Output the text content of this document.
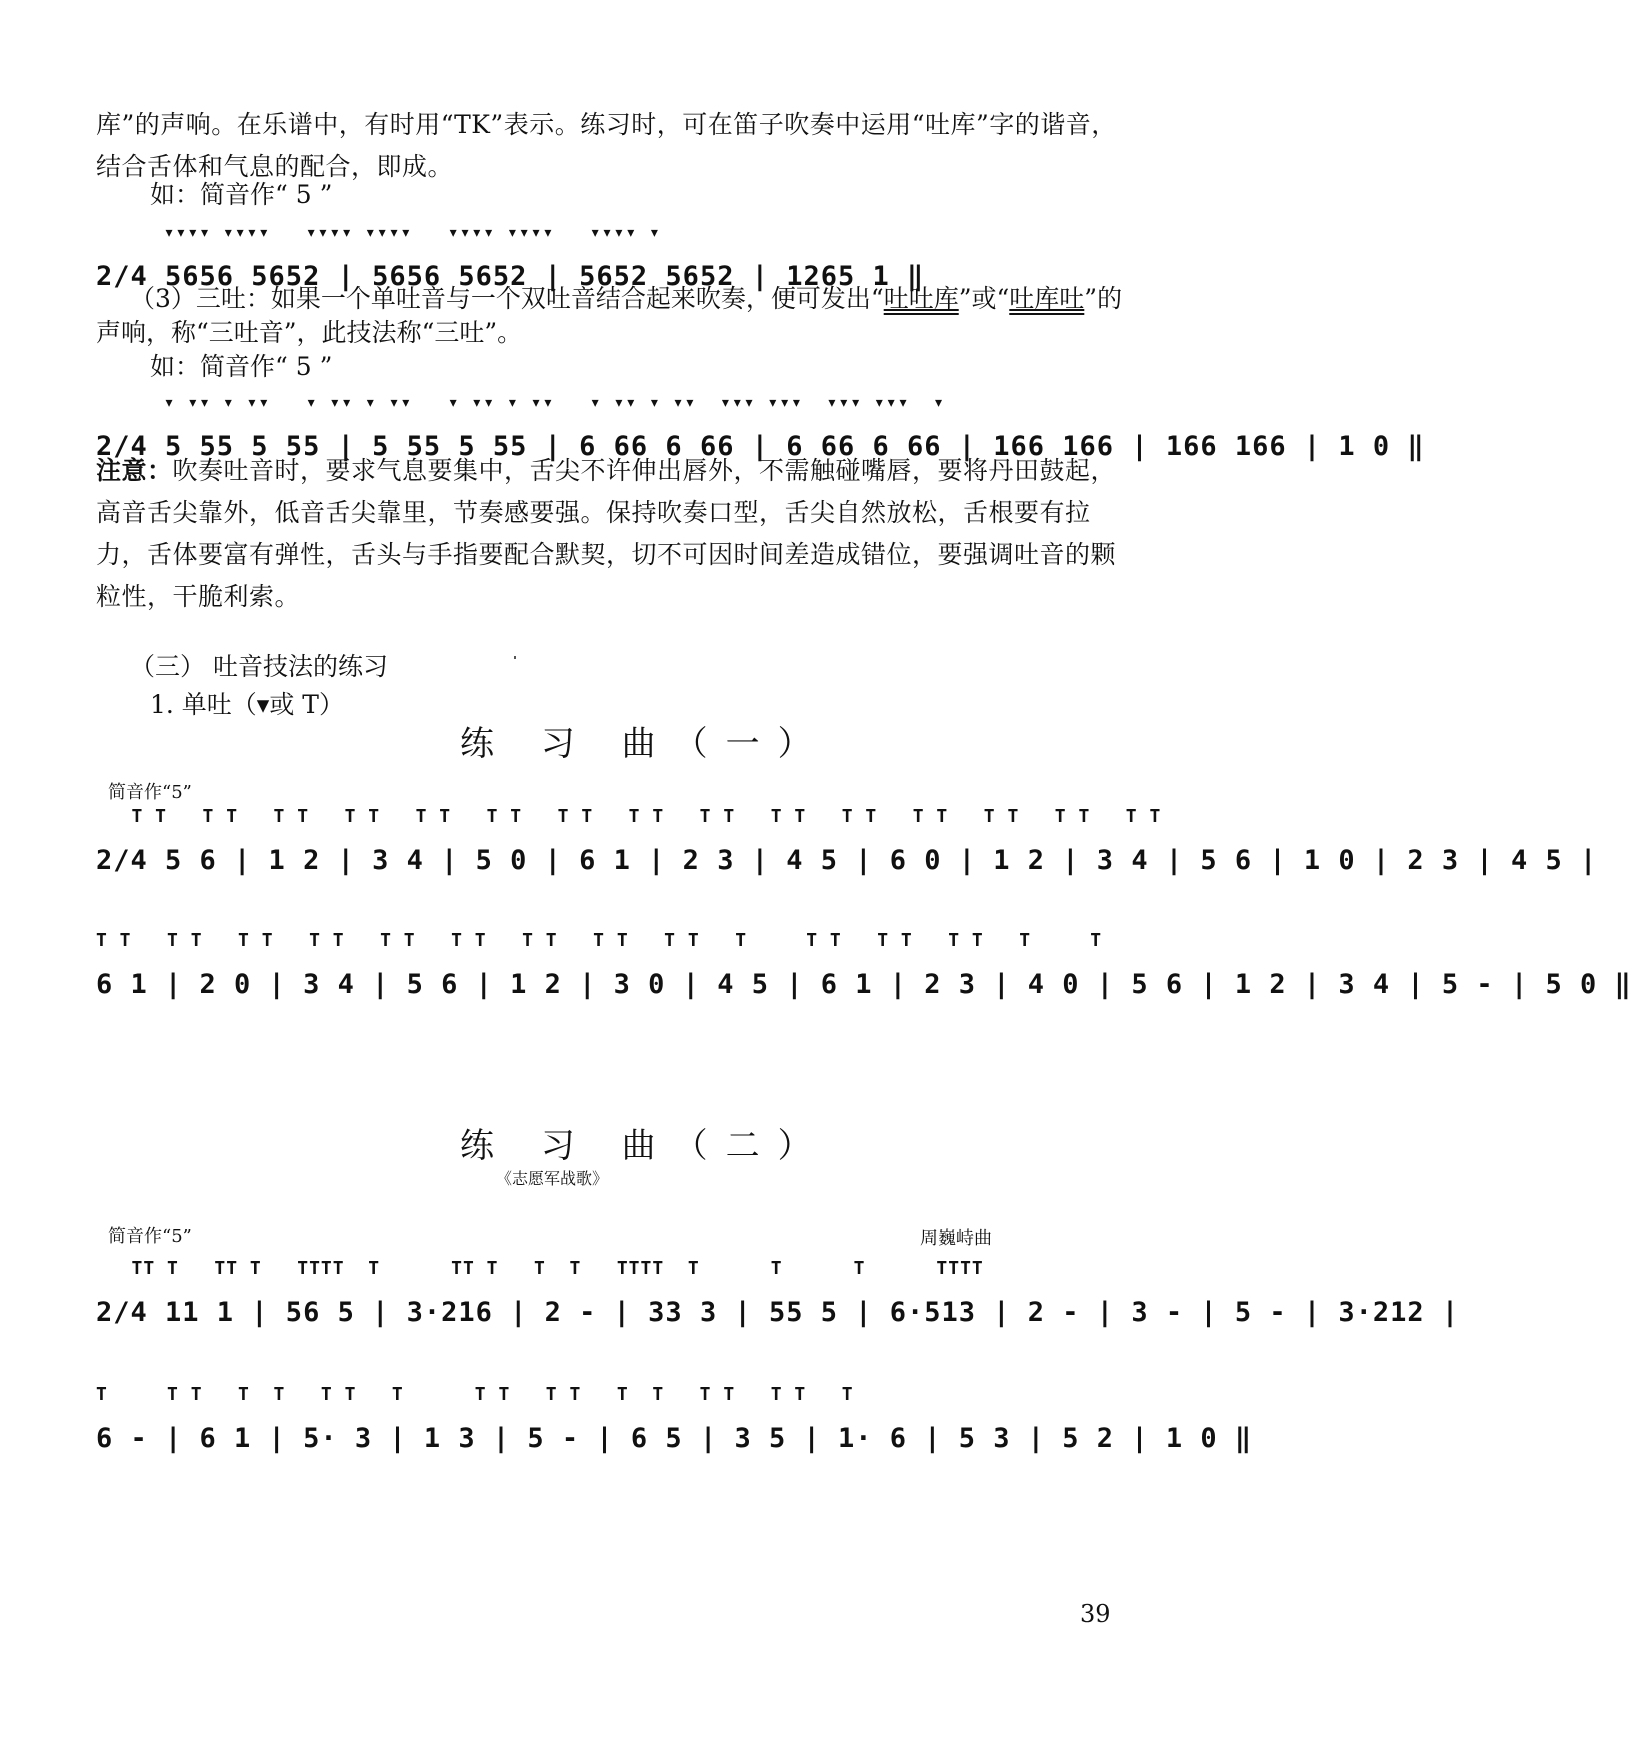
库”的声响。在乐谱中，有时用“TK”表示。练习时，可在笛子吹奏中运用“吐库”字的谐音，结合舌体和气息的配合，即成。
如：简音作“ 5 ”
▾▾▾▾ ▾▾▾▾   ▾▾▾▾ ▾▾▾▾   ▾▾▾▾ ▾▾▾▾   ▾▾▾▾ ▾
2/4 5656 5652 | 5656 5652 | 5652 5652 | 1265 1 ‖
（3）三吐：如果一个单吐音与一个双吐音结合起来吹奏，便可发出“吐吐库”或“吐库吐”的
声响，称“三吐音”，此技法称“三吐”。
如：简音作“ 5 ”
▾ ▾▾ ▾ ▾▾   ▾ ▾▾ ▾ ▾▾   ▾ ▾▾ ▾ ▾▾   ▾ ▾▾ ▾ ▾▾  ▾▾▾ ▾▾▾  ▾▾▾ ▾▾▾  ▾
2/4 5 55 5 55 | 5 55 5 55 | 6 66 6 66 | 6 66 6 66 | 166 166 | 166 166 | 1 0 ‖
注意：吹奏吐音时，要求气息要集中，舌尖不许伸出唇外，不需触碰嘴唇，要将丹田鼓起，高音舌尖靠外，低音舌尖靠里，节奏感要强。保持吹奏口型，舌尖自然放松，舌根要有拉力，舌体要富有弹性，舌头与手指要配合默契，切不可因时间差造成错位，要强调吐音的颗粒性，干脆利索。
（三） 吐音技法的练习
1. 单吐（▾或 T）
练 习 曲（一）
简音作“5”
T T   T T   T T   T T   T T   T T   T T   T T   T T   T T   T T   T T   T T   T T   T T
2/4 5 6 | 1 2 | 3 4 | 5 0 | 6 1 | 2 3 | 4 5 | 6 0 | 1 2 | 3 4 | 5 6 | 1 0 | 2 3 | 4 5 |
T T   T T   T T   T T   T T   T T   T T   T T   T T   T     T T   T T   T T   T     T
6 1 | 2 0 | 3 4 | 5 6 | 1 2 | 3 0 | 4 5 | 6 1 | 2 3 | 4 0 | 5 6 | 1 2 | 3 4 | 5 - | 5 0 ‖
练 习 曲（二）
《志愿军战歌》
简音作“5”	周巍峙曲
TT T   TT T   TTTT  T      TT T   T  T   TTTT  T      T      T      TTTT
2/4 11 1 | 56 5 | 3·216 | 2 - | 33 3 | 55 5 | 6·513 | 2 - | 3 - | 5 - | 3·212 |
T     T T   T  T   T T   T      T T   T T   T  T   T T   T T   T
6 - | 6 1 | 5· 3 | 1 3 | 5 - | 6 5 | 3 5 | 1· 6 | 5 3 | 5 2 | 1 0 ‖
39
